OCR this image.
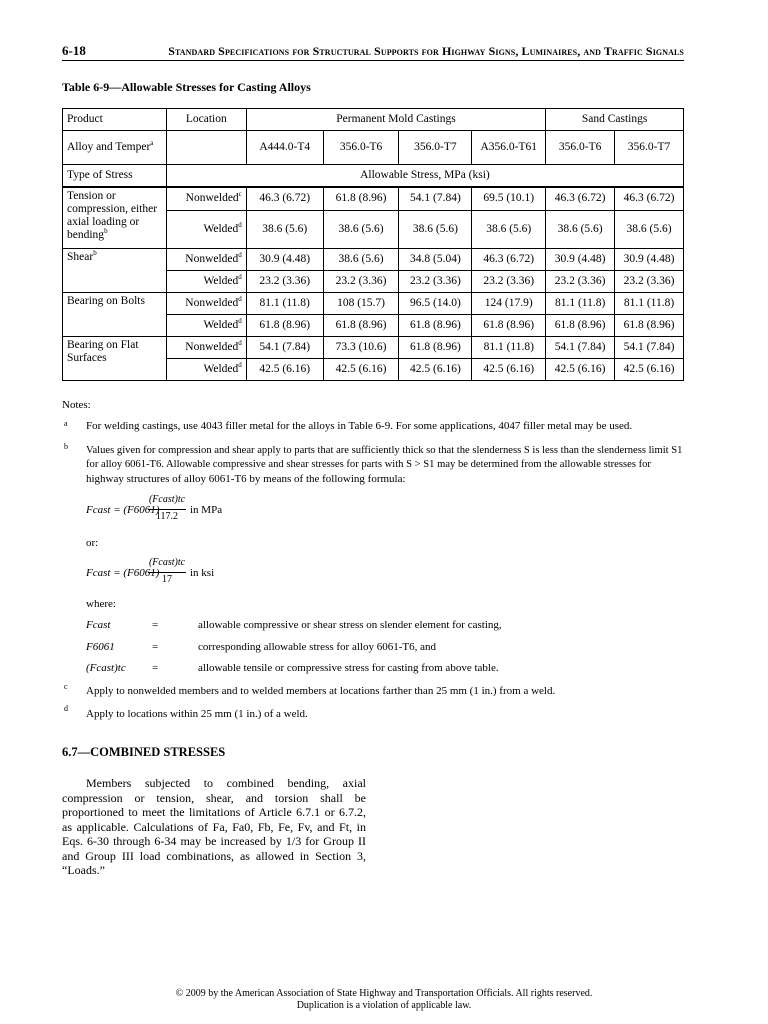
6-18	Standard Specifications for Structural Supports for Highway Signs, Luminaires, and Traffic Signals
Table 6-9—Allowable Stresses for Casting Alloys
Product	Location	Permanent Mold Castings				Sand Castings	
Alloy and Temper$^a$		A444.0-T4	356.0-T6	356.0-T7	A356.0-T61	356.0-T6	356.0-T7
Type of Stress	Allowable Stress, MPa (ksi)						
Tension or compression, either axial loading or bending$^b$	Nonwelded$^c$	46.3 (6.72)	61.8 (8.96)	54.1 (7.84)	69.5 (10.1)	46.3 (6.72)	46.3 (6.72)
	Welded$^d$	38.6 (5.6)	38.6 (5.6)	38.6 (5.6)	38.6 (5.6)	38.6 (5.6)	38.6 (5.6)
Shear$^b$	Nonwelded$^d$	30.9 (4.48)	38.6 (5.6)	34.8 (5.04)	46.3 (6.72)	30.9 (4.48)	30.9 (4.48)
	Welded$^d$	23.2 (3.36)	23.2 (3.36)	23.2 (3.36)	23.2 (3.36)	23.2 (3.36)	23.2 (3.36)
Bearing on Bolts	Nonwelded$^d$	81.1 (11.8)	108 (15.7)	96.5 (14.0)	124 (17.9)	81.1 (11.8)	81.1 (11.8)
	Welded$^d$	61.8 (8.96)	61.8 (8.96)	61.8 (8.96)	61.8 (8.96)	61.8 (8.96)	61.8 (8.96)
Bearing on Flat Surfaces	Nonwelded$^d$	54.1 (7.84)	73.3 (10.6)	61.8 (8.96)	81.1 (11.8)	54.1 (7.84)	54.1 (7.84)
	Welded$^d$	42.5 (6.16)	42.5 (6.16)	42.5 (6.16)	42.5 (6.16)	42.5 (6.16)	42.5 (6.16)
Notes:
a For welding castings, use 4043 filler metal for the alloys in Table 6-9. For some applications, 4047 filler metal may be used.
b Values given for compression and shear apply to parts that are sufficiently thick so that the slenderness S is less than the slenderness limit S1
for alloy 6061-T6. Allowable compressive and shear stresses for parts with S > S1 may be determined from the allowable stresses for
highway structures of alloy 6061-T6 by means of the following formula:
Fcast = (F6061)
(Fcast)tc
117.2
in MPa
or:
Fcast = (F6061)
(Fcast)tc
17
in ksi
where:
Fcast	=	allowable compressive or shear stress on slender element for casting,
F6061	=	corresponding allowable stress for alloy 6061-T6, and
(Fcast)tc =	allowable tensile or compressive stress for casting from above table.
c Apply to nonwelded members and to welded members at locations farther than 25 mm (1 in.) from a weld.
d Apply to locations within 25 mm (1 in.) of a weld.
6.7—COMBINED STRESSES
Members subjected to combined bending, axial compression or tension, shear, and torsion shall be proportioned to meet the limitations of Article 6.7.1 or 6.7.2, as applicable. Calculations of Fa, Fa0, Fb, Fe, Fv, and Ft, in Eqs. 6-30 through 6-34 may be increased by 1/3 for Group II and Group III load combinations, as allowed in Section 3, “Loads.”
© 2009 by the American Association of State Highway and Transportation Officials. All rights reserved.
Duplication is a violation of applicable law.
